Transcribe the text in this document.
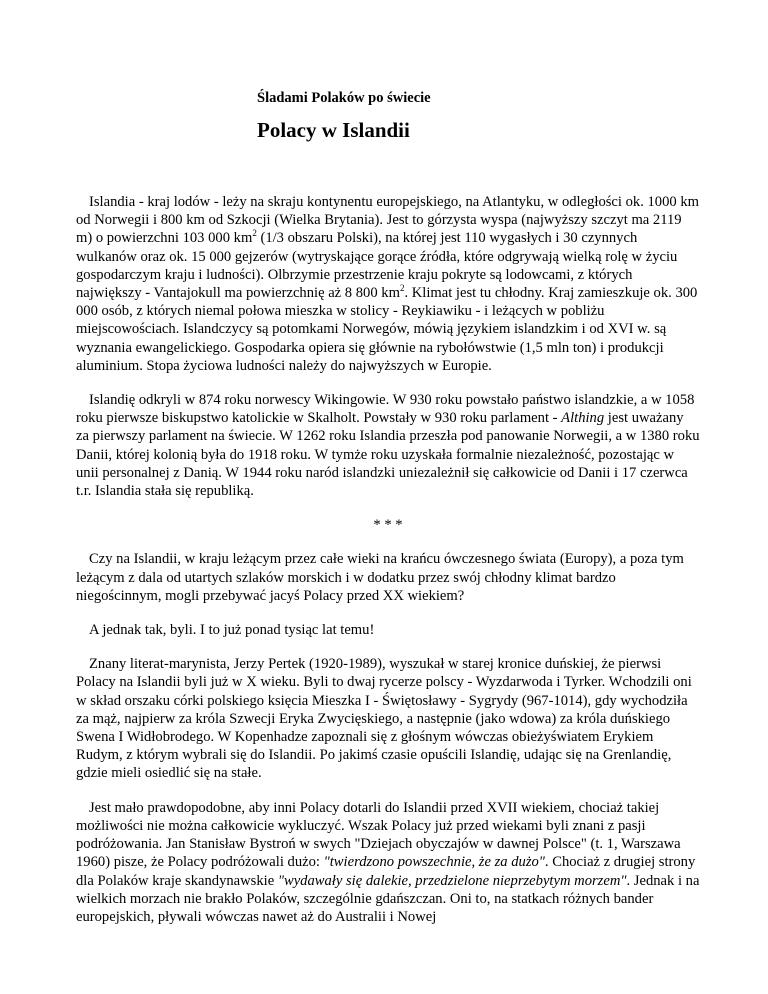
Śladami Polaków po świecie
Polacy w Islandii

Islandia - kraj lodów - leży na skraju kontynentu europejskiego, na Atlantyku, w odległości ok. 1000 km od Norwegii i 800 km od Szkocji (Wielka Brytania). Jest to górzysta wyspa (najwyższy szczyt ma 2119 m) o powierzchni 103 000 $km^2$ (1/3 obszaru Polski), na której jest 110 wygasłych i 30 czynnych wulkanów oraz ok. 15 000 gejzerów (wytryskające gorące źródła, które odgrywają wielką rolę w życiu gospodarczym kraju i ludności). Olbrzymie przestrzenie kraju pokryte są lodowcami, z których największy - Vantajokull ma powierzchnię aż 8 800 $km^2$. Klimat jest tu chłodny. Kraj zamieszkuje ok. 300 000 osób, z których niemal połowa mieszka w stolicy - Reykiawiku - i leżących w pobliżu miejscowościach. Islandczycy są potomkami Norwegów, mówią językiem islandzkim i od XVI w. są wyznania ewangelickiego. Gospodarka opiera się głównie na rybołówstwie (1,5 mln ton) i produkcji aluminium. Stopa życiowa ludności należy do najwyższych w Europie.

Islandię odkryli w 874 roku norwescy Wikingowie. W 930 roku powstało państwo islandzkie, a w 1058 roku pierwsze biskupstwo katolickie w Skalholt. Powstały w 930 roku parlament - Althing jest uważany za pierwszy parlament na świecie. W 1262 roku Islandia przeszła pod panowanie Norwegii, a w 1380 roku Danii, której kolonią była do 1918 roku. W tymże roku uzyskała formalnie niezależność, pozostając w unii personalnej z Danią. W 1944 roku naród islandzki uniezależnił się całkowicie od Danii i 17 czerwca t.r. Islandia stała się republiką.

* * *

Czy na Islandii, w kraju leżącym przez całe wieki na krańcu ówczesnego świata (Europy), a poza tym leżącym z dala od utartych szlaków morskich i w dodatku przez swój chłodny klimat bardzo niegościnnym, mogli przebywać jacyś Polacy przed XX wiekiem?

A jednak tak, byli. I to już ponad tysiąc lat temu!

Znany literat-marynista, Jerzy Pertek (1920-1989), wyszukał w starej kronice duńskiej, że pierwsi Polacy na Islandii byli już w X wieku. Byli to dwaj rycerze polscy - Wyzdarwoda i Tyrker. Wchodzili oni w skład orszaku córki polskiego księcia Mieszka I - Świętosławy - Sygrydy (967-1014), gdy wychodziła za mąż, najpierw za króla Szwecji Eryka Zwycięskiego, a następnie (jako wdowa) za króla duńskiego Swena I Widłobrodego. W Kopenhadze zapoznali się z głośnym wówczas obieżyświatem Erykiem Rudym, z którym wybrali się do Islandii. Po jakimś czasie opuścili Islandię, udając się na Grenlandię, gdzie mieli osiedlić się na stałe.

Jest mało prawdopodobne, aby inni Polacy dotarli do Islandii przed XVII wiekiem, chociaż takiej możliwości nie można całkowicie wykluczyć. Wszak Polacy już przed wiekami byli znani z pasji podróżowania. Jan Stanisław Bystroń w swych "Dziejach obyczajów w dawnej Polsce" (t. 1, Warszawa 1960) pisze, że Polacy podróżowali dużo: "twierdzono powszechnie, że za dużo". Chociaż z drugiej strony dla Polaków kraje skandynawskie "wydawały się dalekie, przedzielone nieprzebytym morzem". Jednak i na wielkich morzach nie brakło Polaków, szczególnie gdańszczan. Oni to, na statkach różnych bander europejskich, pływali wówczas nawet aż do Australii i Nowej
